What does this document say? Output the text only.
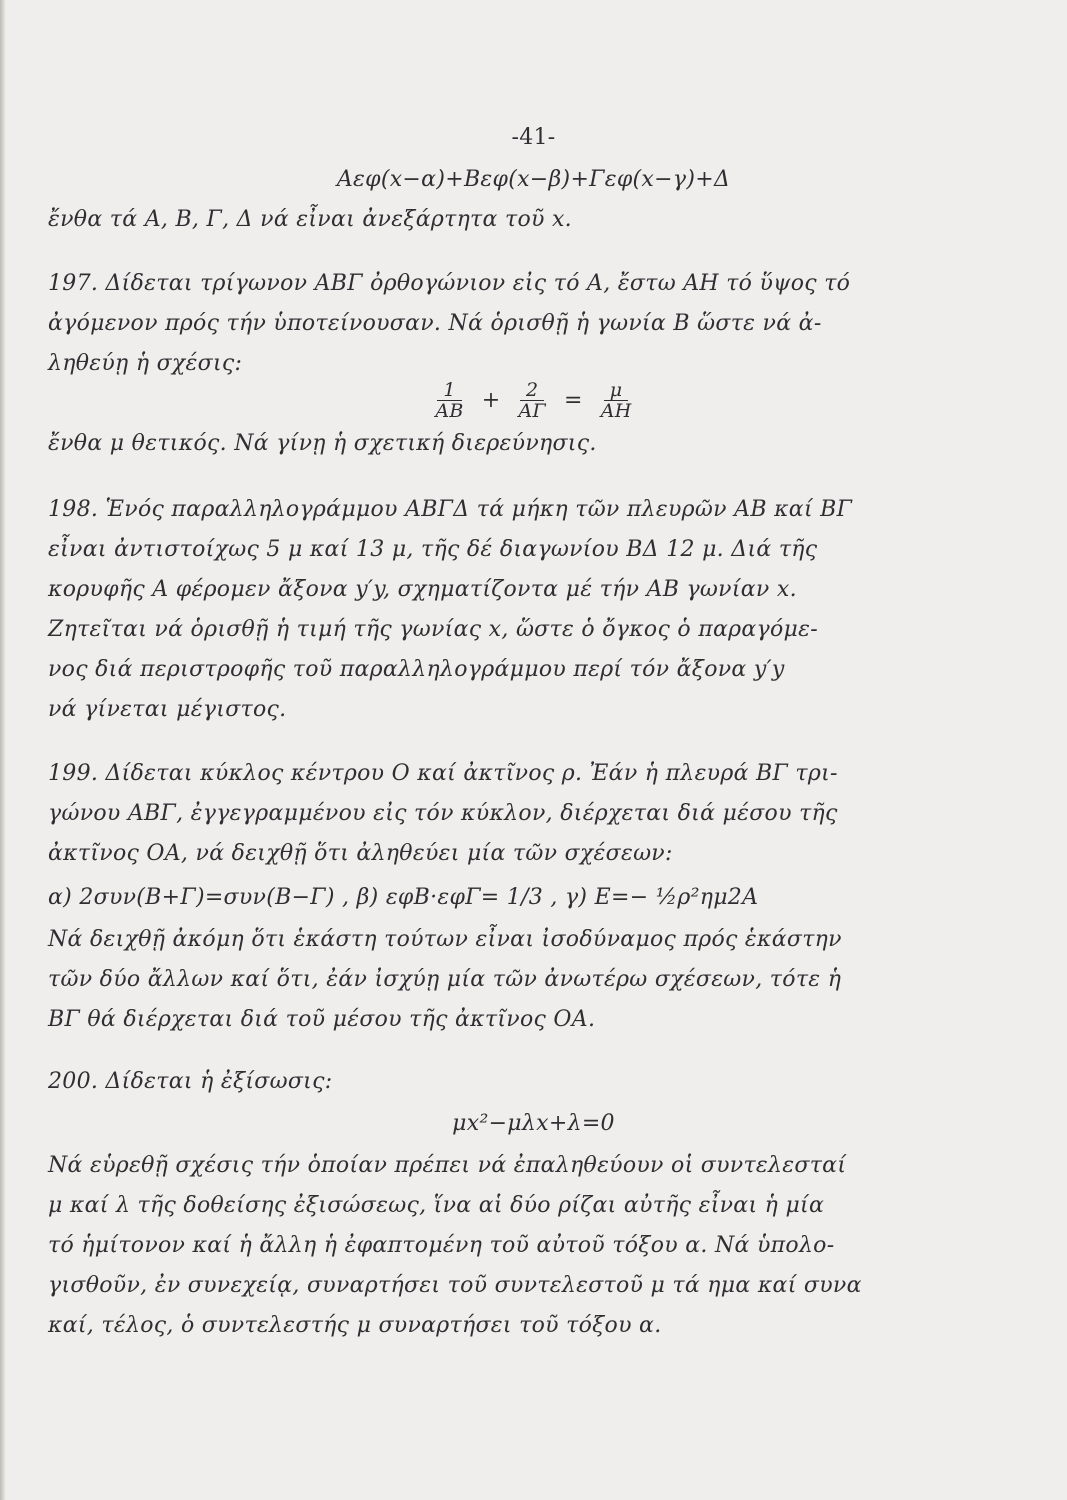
-41-
Aεφ(x−α)+Bεφ(x−β)+Γεφ(x−γ)+Δ
ἔνθα τά A, B, Γ, Δ νά εἶναι ἀνεξάρτητα τοῦ x.
197. Δίδεται τρίγωνον ΑΒΓ ὀρθογώνιον εἰς τό Α, ἔστω ΑΗ τό ὕψος τό
ἀγόμενον πρός τήν ὑποτείνουσαν. Νά ὁρισθῇ ἡ γωνία B ὥστε νά ἀ-
ληθεύῃ ἡ σχέσις:
$\frac{1}{AB} + \frac{2}{A\Gamma} = \frac{\mu}{AH}$
ἔνθα μ θετικός. Νά γίνῃ ἡ σχετική διερεύνησις.
198. Ἑνός παραλληλογράμμου ΑΒΓΔ τά μήκη τῶν πλευρῶν ΑΒ καί ΒΓ
εἶναι ἀντιστοίχως 5 μ καί 13 μ, τῆς δέ διαγωνίου ΒΔ 12 μ. Διά τῆς
κορυφῆς Α φέρομεν ἄξονα y′y, σχηματίζοντα μέ τήν ΑΒ γωνίαν x.
Ζητεῖται νά ὁρισθῇ ἡ τιμή τῆς γωνίας x, ὥστε ὁ ὄγκος ὁ παραγόμε-
νος διά περιστροφῆς τοῦ παραλληλογράμμου περί τόν ἄξονα y′y
νά γίνεται μέγιστος.
199. Δίδεται κύκλος κέντρου Ο καί ἀκτῖνος ρ. Ἐάν ἡ πλευρά ΒΓ τρι-
γώνου ΑΒΓ, ἐγγεγραμμένου εἰς τόν κύκλον, διέρχεται διά μέσου τῆς
ἀκτῖνος ΟΑ, νά δειχθῇ ὅτι ἀληθεύει μία τῶν σχέσεων:
α) 2συν(Β+Γ)=συν(Β−Γ) , β) εφΒ·εφΓ= 1/3 , γ) Ε=− ½ρ²ημ2Α
Νά δειχθῇ ἀκόμη ὅτι ἑκάστη τούτων εἶναι ἰσοδύναμος πρός ἑκάστην
τῶν δύο ἄλλων καί ὅτι, ἐάν ἰσχύῃ μία τῶν ἀνωτέρω σχέσεων, τότε ἡ
ΒΓ θά διέρχεται διά τοῦ μέσου τῆς ἀκτῖνος ΟΑ.
200. Δίδεται ἡ ἐξίσωσις:
μx²−μλx+λ=0
Νά εὑρεθῇ σχέσις τήν ὁποίαν πρέπει νά ἐπαληθεύουν οἱ συντελεσταί
μ καί λ τῆς δοθείσης ἐξισώσεως, ἵνα αἱ δύο ρίζαι αὐτῆς εἶναι ἡ μία
τό ἡμίτονον καί ἡ ἄλλη ἡ ἐφαπτομένη τοῦ αὐτοῦ τόξου α. Νά ὑπολο-
γισθοῦν, ἐν συνεχείᾳ, συναρτήσει τοῦ συντελεστοῦ μ τά ημα καί συνα
καί, τέλος, ὁ συντελεστής μ συναρτήσει τοῦ τόξου α.
